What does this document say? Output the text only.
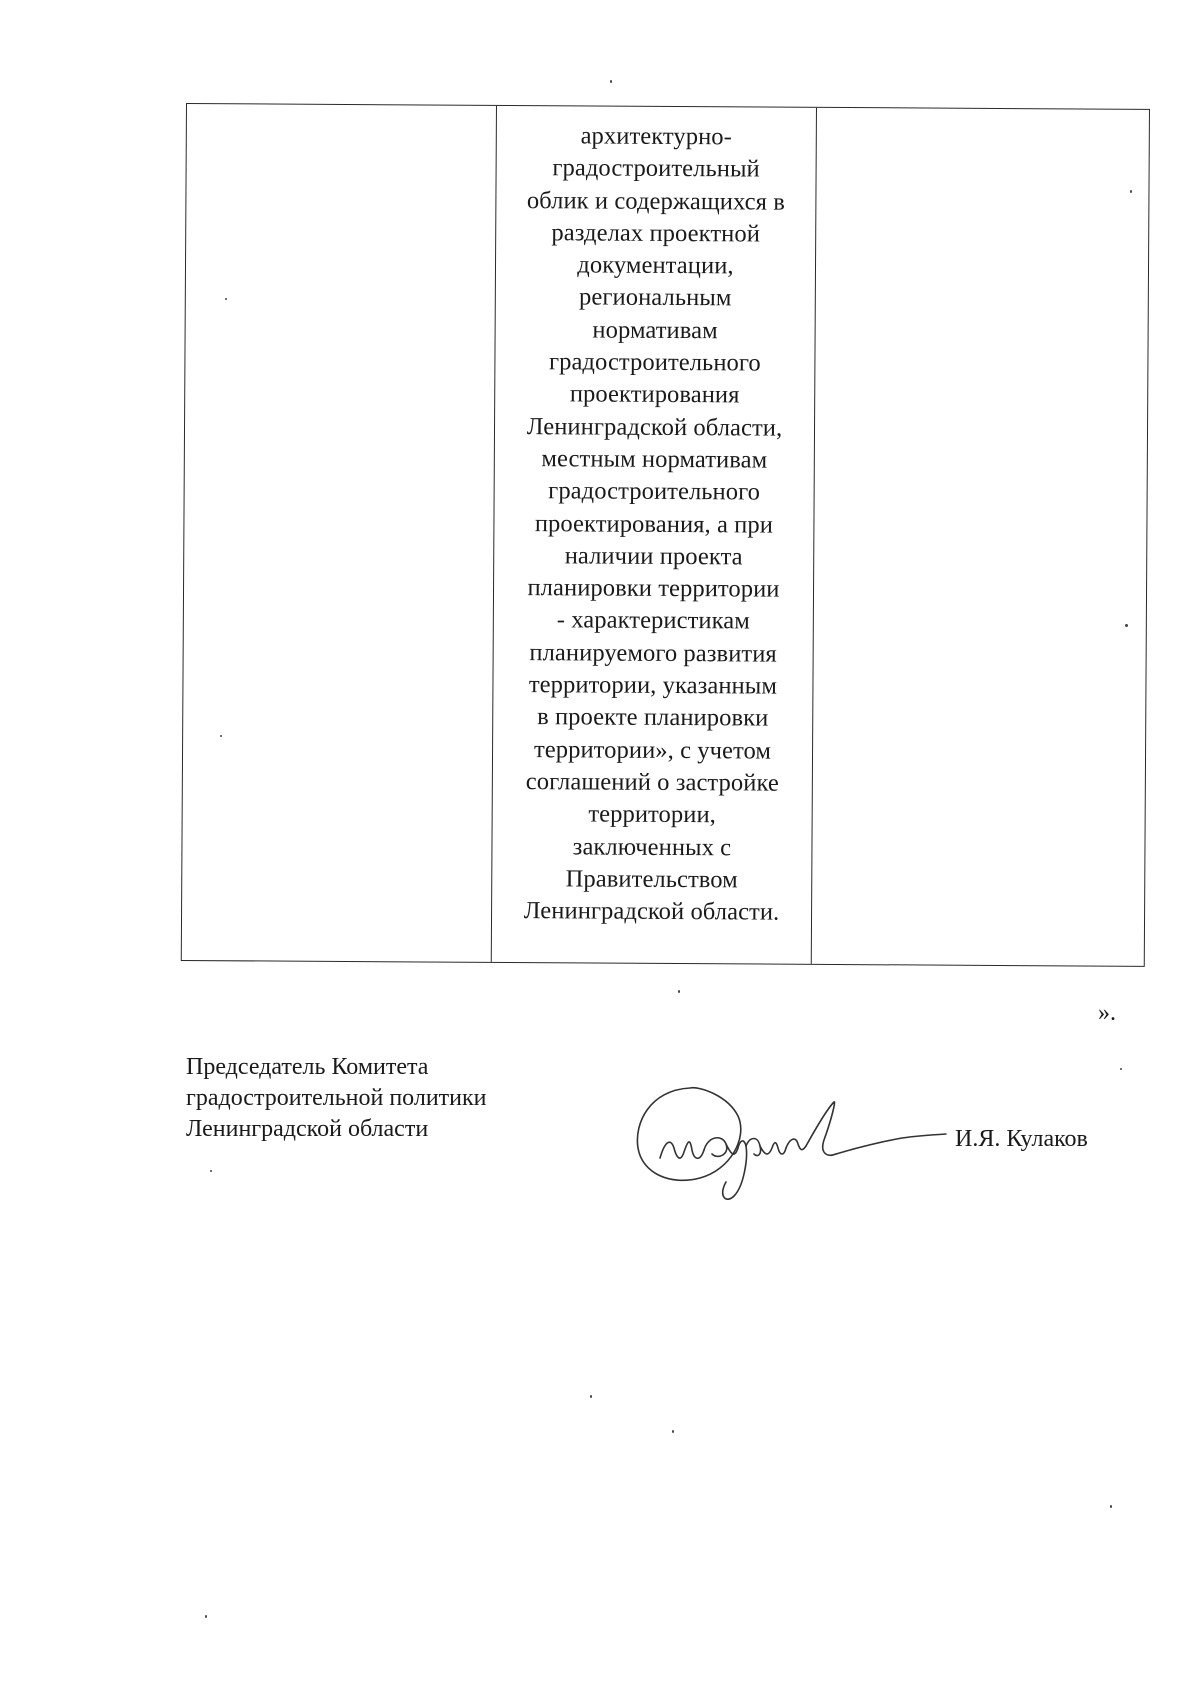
архитектурно-
градостроительный
облик и содержащихся в
разделах проектной
документации,
региональным
нормативам
градостроительного
проектирования
Ленинградской области,
местным нормативам
градостроительного
проектирования, а при
наличии проекта
планировки территории
- характеристикам
планируемого развития
территории, указанным
в проекте планировки
территории», с учетом
соглашений о застройке
территории,
заключенных с
Правительством
Ленинградской области.
».
Председатель Комитета
градостроительной политики
Ленинградской области	И.Я. Кулаков
